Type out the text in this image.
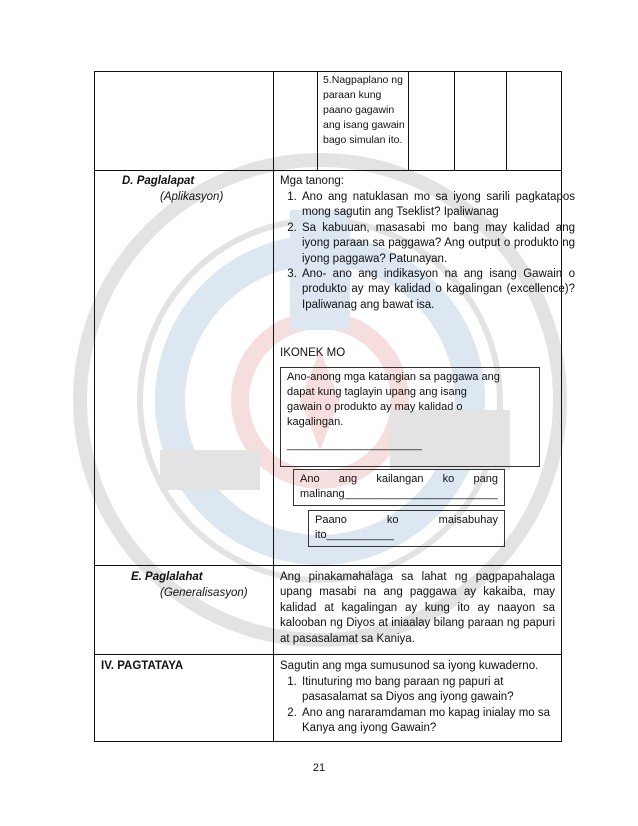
5.Nagpaplano ng paraan kung paano gagawin ang isang gawain bago simulan ito.
D. Paglalapat
(Aplikasyon)
Mga tanong:
1. Ano ang natuklasan mo sa iyong sarili pagkatapos mong sagutin ang Tseklist? Ipaliwanag
2. Sa kabuuan, masasabi mo bang may kalidad ang iyong paraan sa paggawa? Ang output o produkto ng iyong paggawa? Patunayan.
3. Ano- ano ang indikasyon na ang isang Gawain o produkto ay may kalidad o kagalingan (excellence)? Ipaliwanag ang bawat isa.
IKONEK MO
Ano-anong mga katangian sa paggawa ang dapat kung taglayin upang ang isang gawain o produkto ay may kalidad o kagalingan.
______________________
Ano ang kailangan ko pang malinang_________________________
Paano ko maisabuhay ito___________
E. Paglalahat
(Generalisasyon)
Ang pinakamahalaga sa lahat ng pagpapahalaga upang masabi na ang paggawa ay kakaiba, may kalidad at kagalingan ay kung ito ay naayon sa kalooban ng Diyos at iniaalay bilang paraan ng papuri at pasasalamat sa Kaniya.
IV. PAGTATAYA	Sagutin ang mga sumusunod sa iyong kuwaderno.
1. Itinuturing mo bang paraan ng papuri at pasasalamat sa Diyos ang iyong gawain?
2. Ano ang nararamdaman mo kapag inialay mo sa Kanya ang iyong Gawain?
21
